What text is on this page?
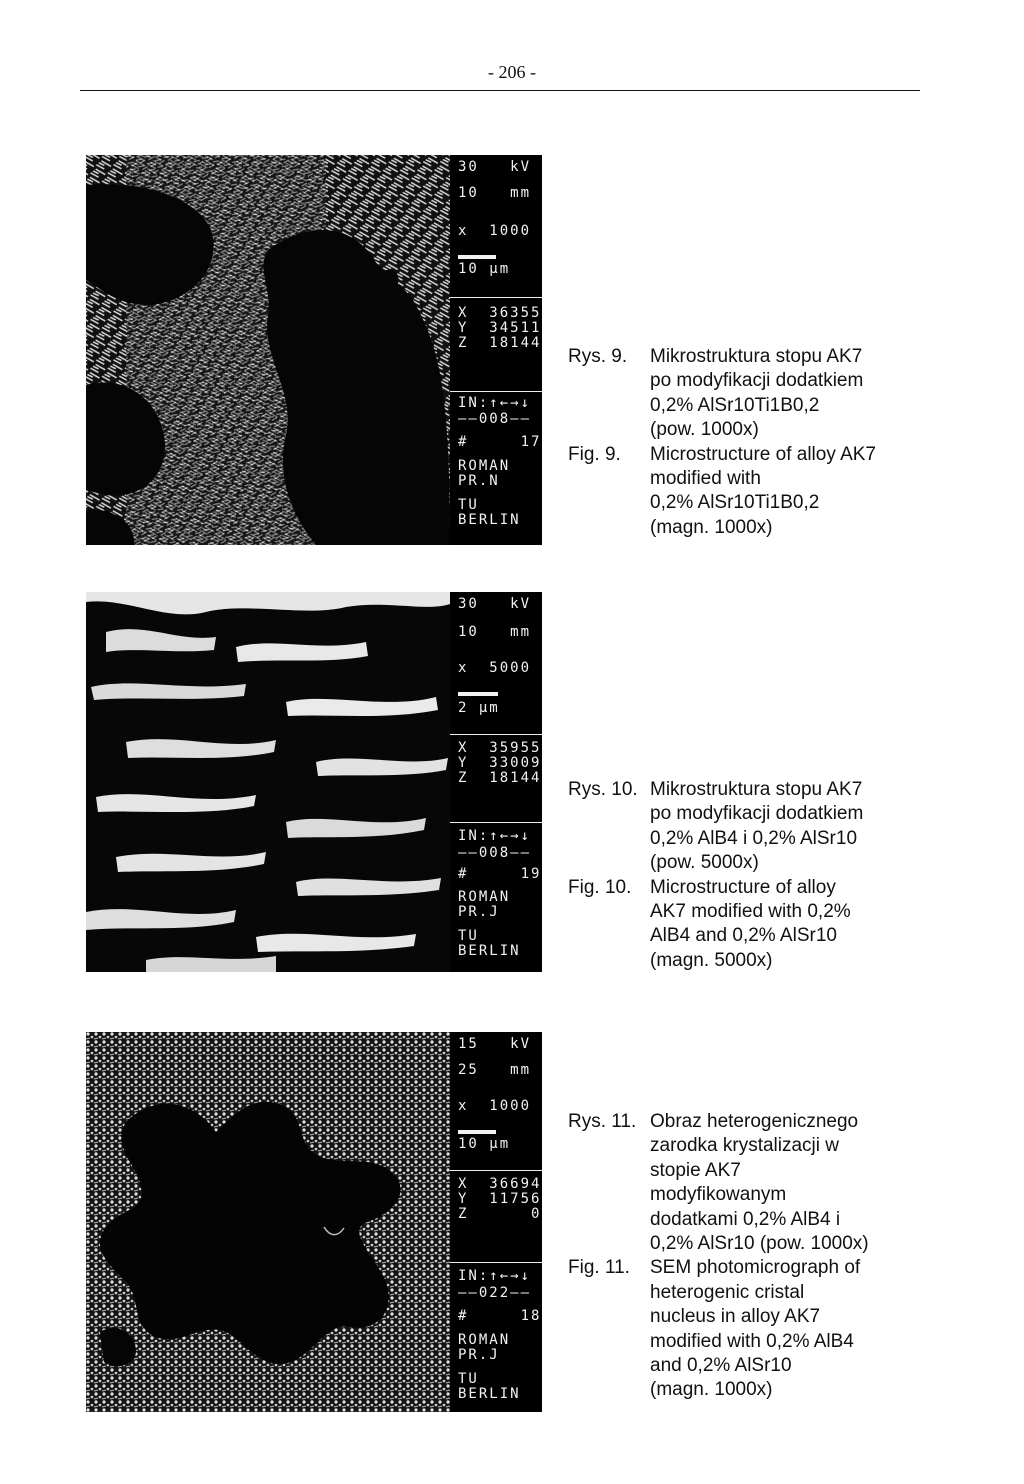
- 206 -
30   kV
10   mm
x  1000
10 µm
X  36355
Y  34511
Z  18144
IN:↑←→↓
——008——
#     17
ROMAN
PR.N
TU
BERLIN
Rys. 9.	Mikrostruktura stopu AK7
po modyfikacji dodatkiem
0,2% AlSr10Ti1B0,2
(pow. 1000x)
Fig. 9.	Microstructure of alloy AK7
modified with
0,2% AlSr10Ti1B0,2
(magn. 1000x)
30   kV
10   mm
x  5000
2 µm
X  35955
Y  33009
Z  18144
IN:↑←→↓
——008——
#     19
ROMAN
PR.J
TU
BERLIN
Rys. 10. Mikrostruktura stopu AK7
po modyfikacji dodatkiem
0,2% AlB4 i 0,2% AlSr10
(pow. 5000x)
Fig. 10. Microstructure of alloy
AK7 modified with 0,2%
AlB4 and 0,2% AlSr10
(magn. 5000x)
15   kV
25   mm
x  1000
10 µm
X  36694
Y  11756
Z      0
IN:↑←→↓
——022——
#     18
ROMAN
PR.J
TU
BERLIN
Rys. 11. Obraz heterogenicznego
zarodka krystalizacji w
stopie AK7
modyfikowanym
dodatkami 0,2% AlB4 i
0,2% AlSr10 (pow. 1000x)
Fig. 11.	SEM photomicrograph of
heterogenic cristal
nucleus in alloy AK7
modified with 0,2% AlB4
and 0,2% AlSr10
(magn. 1000x)
